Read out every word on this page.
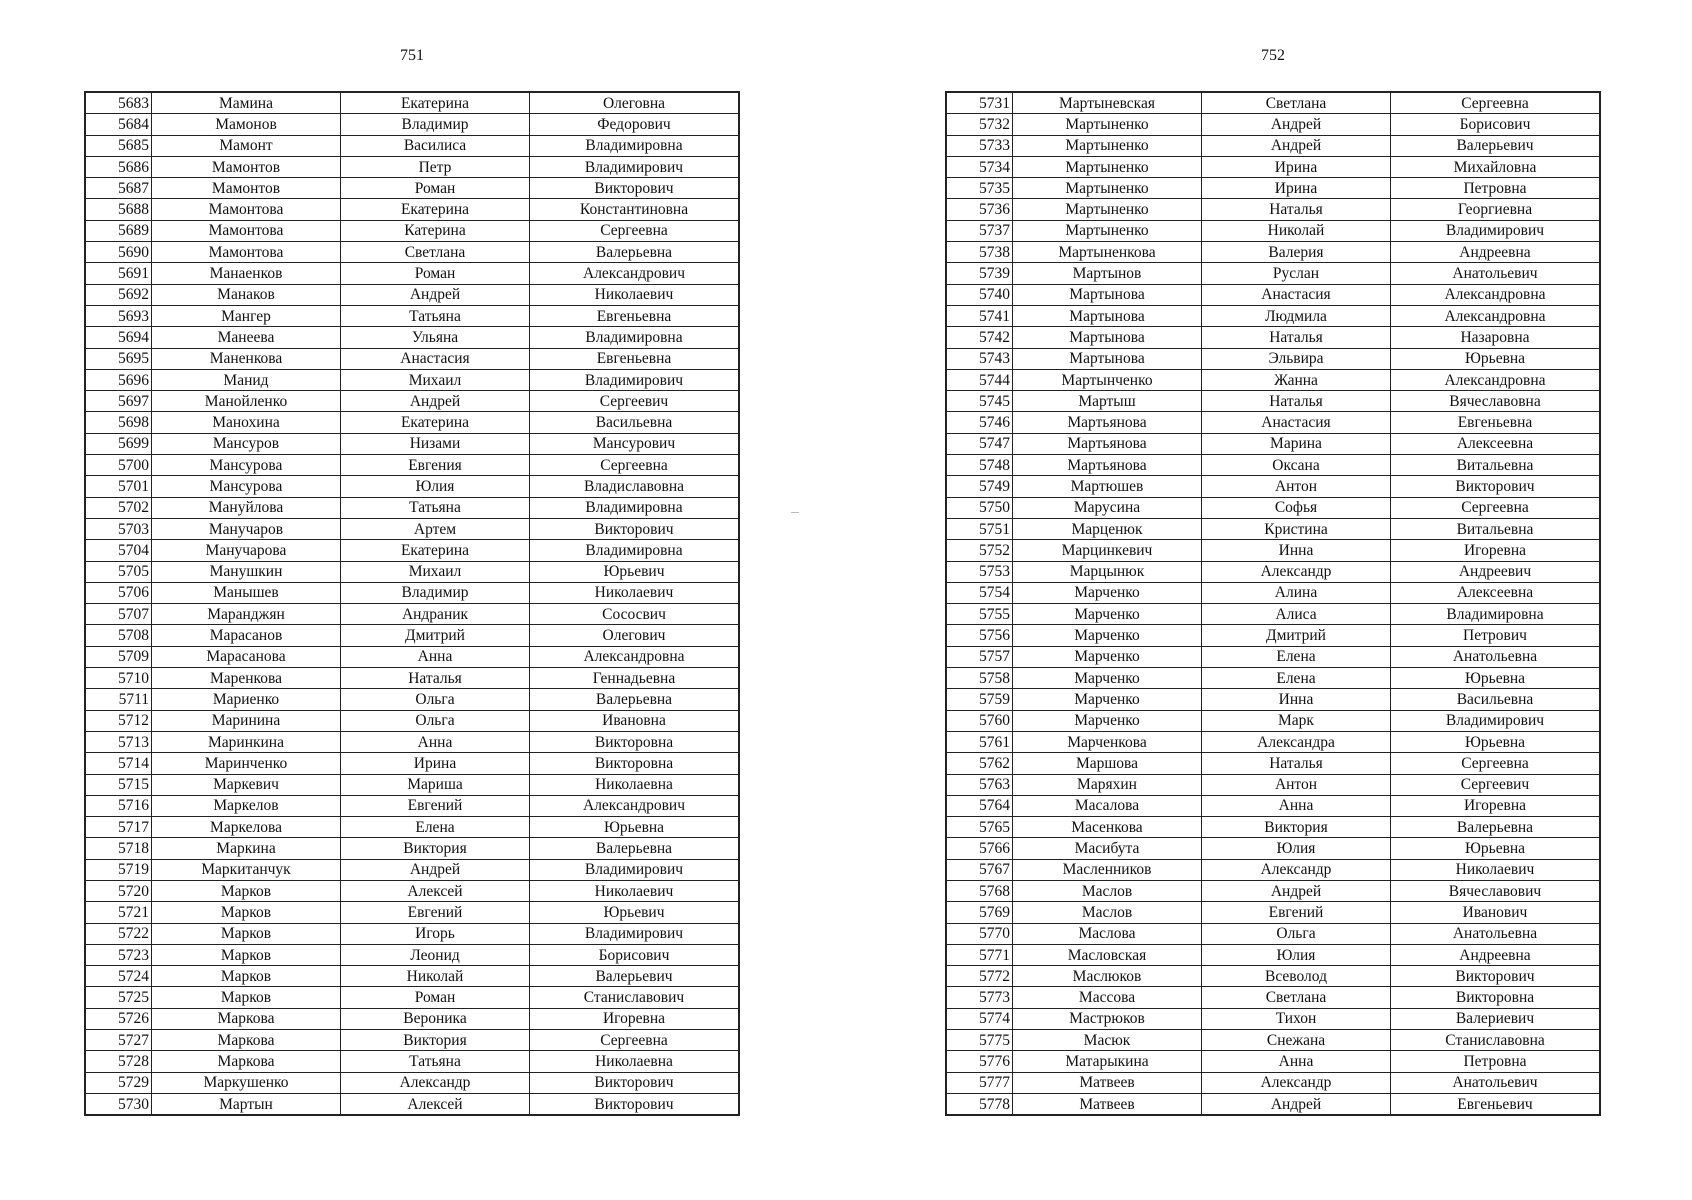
751
5683	Мамина	Екатерина	Олеговна
5684	Мамонов	Владимир	Федорович
5685	Мамонт	Василиса	Владимировна
5686	Мамонтов	Петр	Владимирович
5687	Мамонтов	Роман	Викторович
5688	Мамонтова	Екатерина	Константиновна
5689	Мамонтова	Катерина	Сергеевна
5690	Мамонтова	Светлана	Валерьевна
5691	Манаенков	Роман	Александрович
5692	Манаков	Андрей	Николаевич
5693	Мангер	Татьяна	Евгеньевна
5694	Манеева	Ульяна	Владимировна
5695	Маненкова	Анастасия	Евгеньевна
5696	Манид	Михаил	Владимирович
5697	Манойленко	Андрей	Сергеевич
5698	Манохина	Екатерина	Васильевна
5699	Мансуров	Низами	Мансурович
5700	Мансурова	Евгения	Сергеевна
5701	Мансурова	Юлия	Владиславовна
5702	Мануйлова	Татьяна	Владимировна
5703	Манучаров	Артем	Викторович
5704	Манучарова	Екатерина	Владимировна
5705	Манушкин	Михаил	Юрьевич
5706	Манышев	Владимир	Николаевич
5707	Маранджян	Андраник	Сососвич
5708	Марасанов	Дмитрий	Олегович
5709	Марасанова	Анна	Александровна
5710	Маренкова	Наталья	Геннадьевна
5711	Мариенко	Ольга	Валерьевна
5712	Маринина	Ольга	Ивановна
5713	Маринкина	Анна	Викторовна
5714	Маринченко	Ирина	Викторовна
5715	Маркевич	Мариша	Николаевна
5716	Маркелов	Евгений	Александрович
5717	Маркелова	Елена	Юрьевна
5718	Маркина	Виктория	Валерьевна
5719	Маркитанчук	Андрей	Владимирович
5720	Марков	Алексей	Николаевич
5721	Марков	Евгений	Юрьевич
5722	Марков	Игорь	Владимирович
5723	Марков	Леонид	Борисович
5724	Марков	Николай	Валерьевич
5725	Марков	Роман	Станиславович
5726	Маркова	Вероника	Игоревна
5727	Маркова	Виктория	Сергеевна
5728	Маркова	Татьяна	Николаевна
5729	Маркушенко	Александр	Викторович
5730	Мартын	Алексей	Викторович
752
5731	Мартыневская	Светлана	Сергеевна
5732	Мартыненко	Андрей	Борисович
5733	Мартыненко	Андрей	Валерьевич
5734	Мартыненко	Ирина	Михайловна
5735	Мартыненко	Ирина	Петровна
5736	Мартыненко	Наталья	Георгиевна
5737	Мартыненко	Николай	Владимирович
5738	Мартыненкова	Валерия	Андреевна
5739	Мартынов	Руслан	Анатольевич
5740	Мартынова	Анастасия	Александровна
5741	Мартынова	Людмила	Александровна
5742	Мартынова	Наталья	Назаровна
5743	Мартынова	Эльвира	Юрьевна
5744	Мартынченко	Жанна	Александровна
5745	Мартыш	Наталья	Вячеславовна
5746	Мартьянова	Анастасия	Евгеньевна
5747	Мартьянова	Марина	Алексеевна
5748	Мартьянова	Оксана	Витальевна
5749	Мартюшев	Антон	Викторович
5750	Марусина	Софья	Сергеевна
5751	Марценюк	Кристина	Витальевна
5752	Марцинкевич	Инна	Игоревна
5753	Марцынюк	Александр	Андреевич
5754	Марченко	Алина	Алексеевна
5755	Марченко	Алиса	Владимировна
5756	Марченко	Дмитрий	Петрович
5757	Марченко	Елена	Анатольевна
5758	Марченко	Елена	Юрьевна
5759	Марченко	Инна	Васильевна
5760	Марченко	Марк	Владимирович
5761	Марченкова	Александра	Юрьевна
5762	Маршова	Наталья	Сергеевна
5763	Маряхин	Антон	Сергеевич
5764	Масалова	Анна	Игоревна
5765	Масенкова	Виктория	Валерьевна
5766	Масибута	Юлия	Юрьевна
5767	Масленников	Александр	Николаевич
5768	Маслов	Андрей	Вячеславович
5769	Маслов	Евгений	Иванович
5770	Маслова	Ольга	Анатольевна
5771	Масловская	Юлия	Андреевна
5772	Маслюков	Всеволод	Викторович
5773	Массова	Светлана	Викторовна
5774	Мастрюков	Тихон	Валериевич
5775	Масюк	Снежана	Станиславовна
5776	Матарыкина	Анна	Петровна
5777	Матвеев	Александр	Анатольевич
5778	Матвеев	Андрей	Евгеньевич
